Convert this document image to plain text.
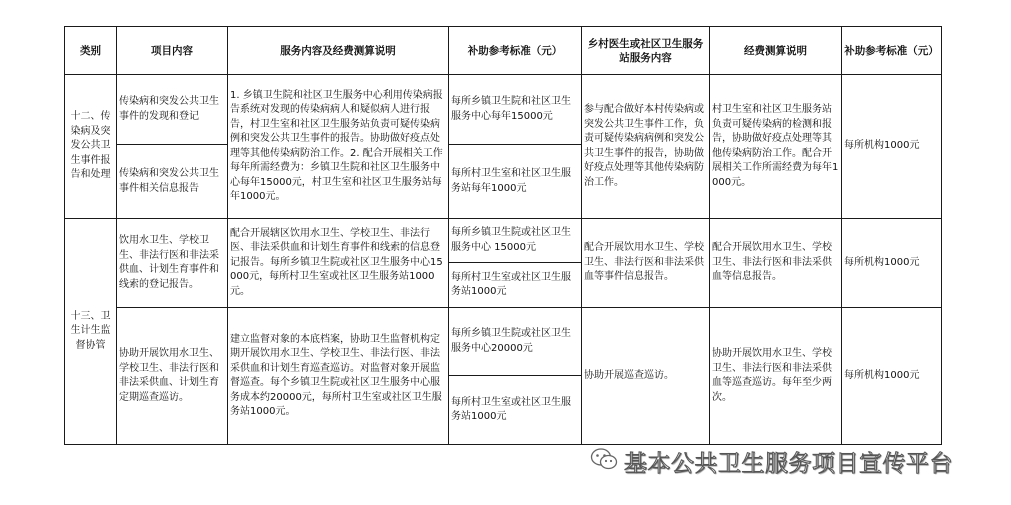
类别	项目内容	服务内容及经费测算说明	补助参考标准（元）	乡村医生或社区卫生服务站服务内容	经费测算说明	补助参考标准（元）
十二、传染病及突发公共卫生事件报告和处理	传染病和突发公共卫生事件的发现和登记	1. 乡镇卫生院和社区卫生服务中心利用传染病报告系统对发现的传染病病人和疑似病人进行报告，村卫生室和社区卫生服务站负责可疑传染病例和突发公共卫生事件的报告。协助做好疫点处理等其他传染病防治工作。2. 配合开展相关工作每年所需经费为：乡镇卫生院和社区卫生服务中心每年15000元，村卫生室和社区卫生服务站每年1000元。	每所乡镇卫生院和社区卫生服务中心每年15000元	参与配合做好本村传染病或突发公共卫生事件工作，负责可疑传染病病例和突发公共卫生事件的报告，协助做好疫点处理等其他传染病防治工作。	村卫生室和社区卫生服务站负责可疑传染病的检测和报告，协助做好疫点处理等其他传染病防治工作。配合开展相关工作所需经费为每年1000元。	每所机构1000元
	传染病和突发公共卫生事件相关信息报告		每所村卫生室和社区卫生服务站每年1000元			
十三、卫生计生监督协管	饮用水卫生、学校卫生、非法行医和非法采供血、计划生育事件和线索的登记报告。	配合开展辖区饮用水卫生、学校卫生、非法行医、非法采供血和计划生育事件和线索的信息登记报告。每所乡镇卫生院或社区卫生服务中心15000元，每所村卫生室或社区卫生服务站1000元。	每所乡镇卫生院或社区卫生服务中心 15000元	配合开展饮用水卫生、学校卫生、非法行医和非法采供血等事件信息报告。	配合开展饮用水卫生、学校卫生、非法行医和非法采供血等信息报告。	每所机构1000元
			每所村卫生室或社区卫生服务站1000元			
	协助开展饮用水卫生、学校卫生、非法行医和非法采供血、计划生育定期巡查巡访。	建立监督对象的本底档案，协助卫生监督机构定期开展饮用水卫生、学校卫生、非法行医、非法采供血和计划生育巡查巡访。对监督对象开展监督巡查。每个乡镇卫生院或社区卫生服务中心服务成本约20000元，每所村卫生室或社区卫生服务站1000元。	每所乡镇卫生院或社区卫生服务中心20000元	协助开展巡查巡访。	协助开展饮用水卫生、学校卫生、非法行医和非法采供血等巡查巡访。每年至少两次。	每所机构1000元
			每所村卫生室或社区卫生服务站1000元			
基本公共卫生服务项目宣传平台
